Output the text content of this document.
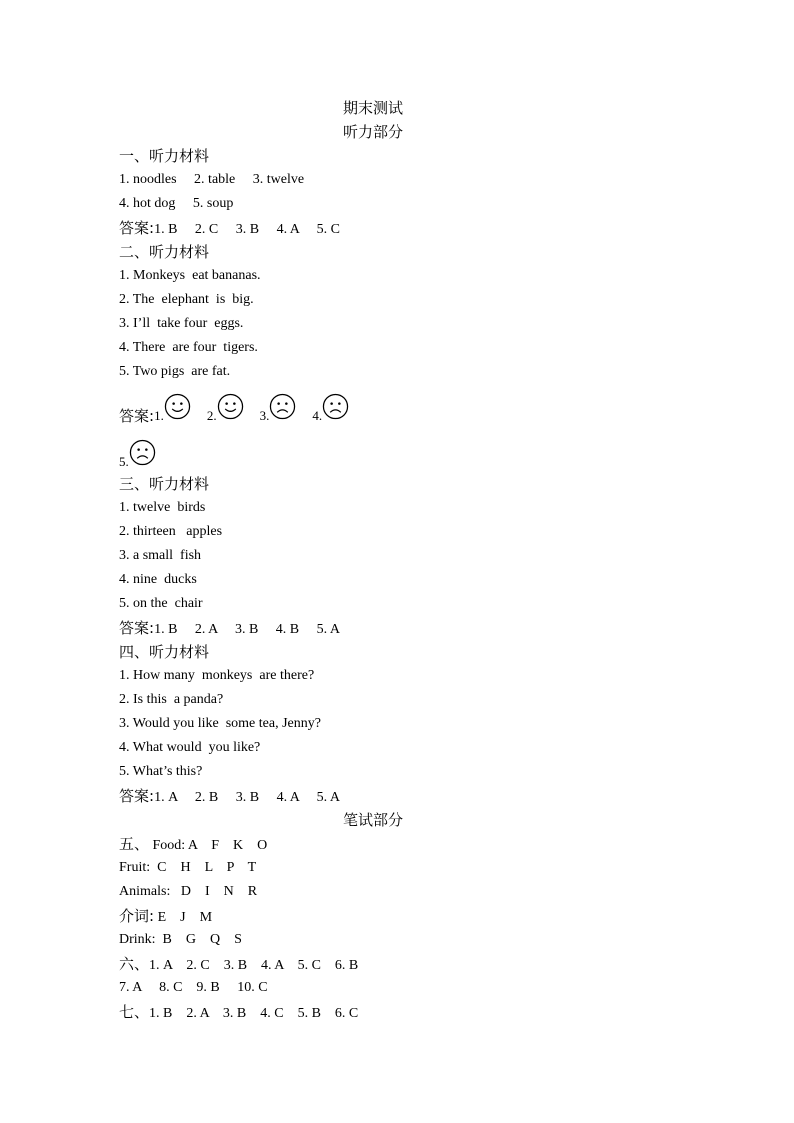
期末测试
听力部分
一、听力材料
1. noodles     2. table     3. twelve
4. hot dog     5. soup
答案:1. B     2. C     3. B     4. A     5. C
二、听力材料
1. Monkeys  eat bananas.
2. The  elephant  is  big.
3. I’ll  take four  eggs.
4. There  are four  tigers.
5. Two pigs  are fat.
答案: 1.	2.	3.	4.
5.
三、听力材料
1. twelve  birds
2. thirteen   apples
3. a small  fish
4. nine  ducks
5. on the  chair
答案:1. B     2. A     3. B     4. B     5. A
四、听力材料
1. How many  monkeys  are there?
2. Is this  a panda?
3. Would you like  some tea, Jenny?
4. What would  you like?
5. What’s this?
答案:1. A     2. B     3. B     4. A     5. A
笔试部分
五、 Food: A    F    K    O
Fruit:  C    H    L    P    T
Animals:   D    I    N    R
介词: E    J    M
Drink:  B    G    Q    S
六、1. A    2. C    3. B    4. A    5. C    6. B
7. A     8. C    9. B     10. C
七、1. B    2. A    3. B    4. C    5. B    6. C
